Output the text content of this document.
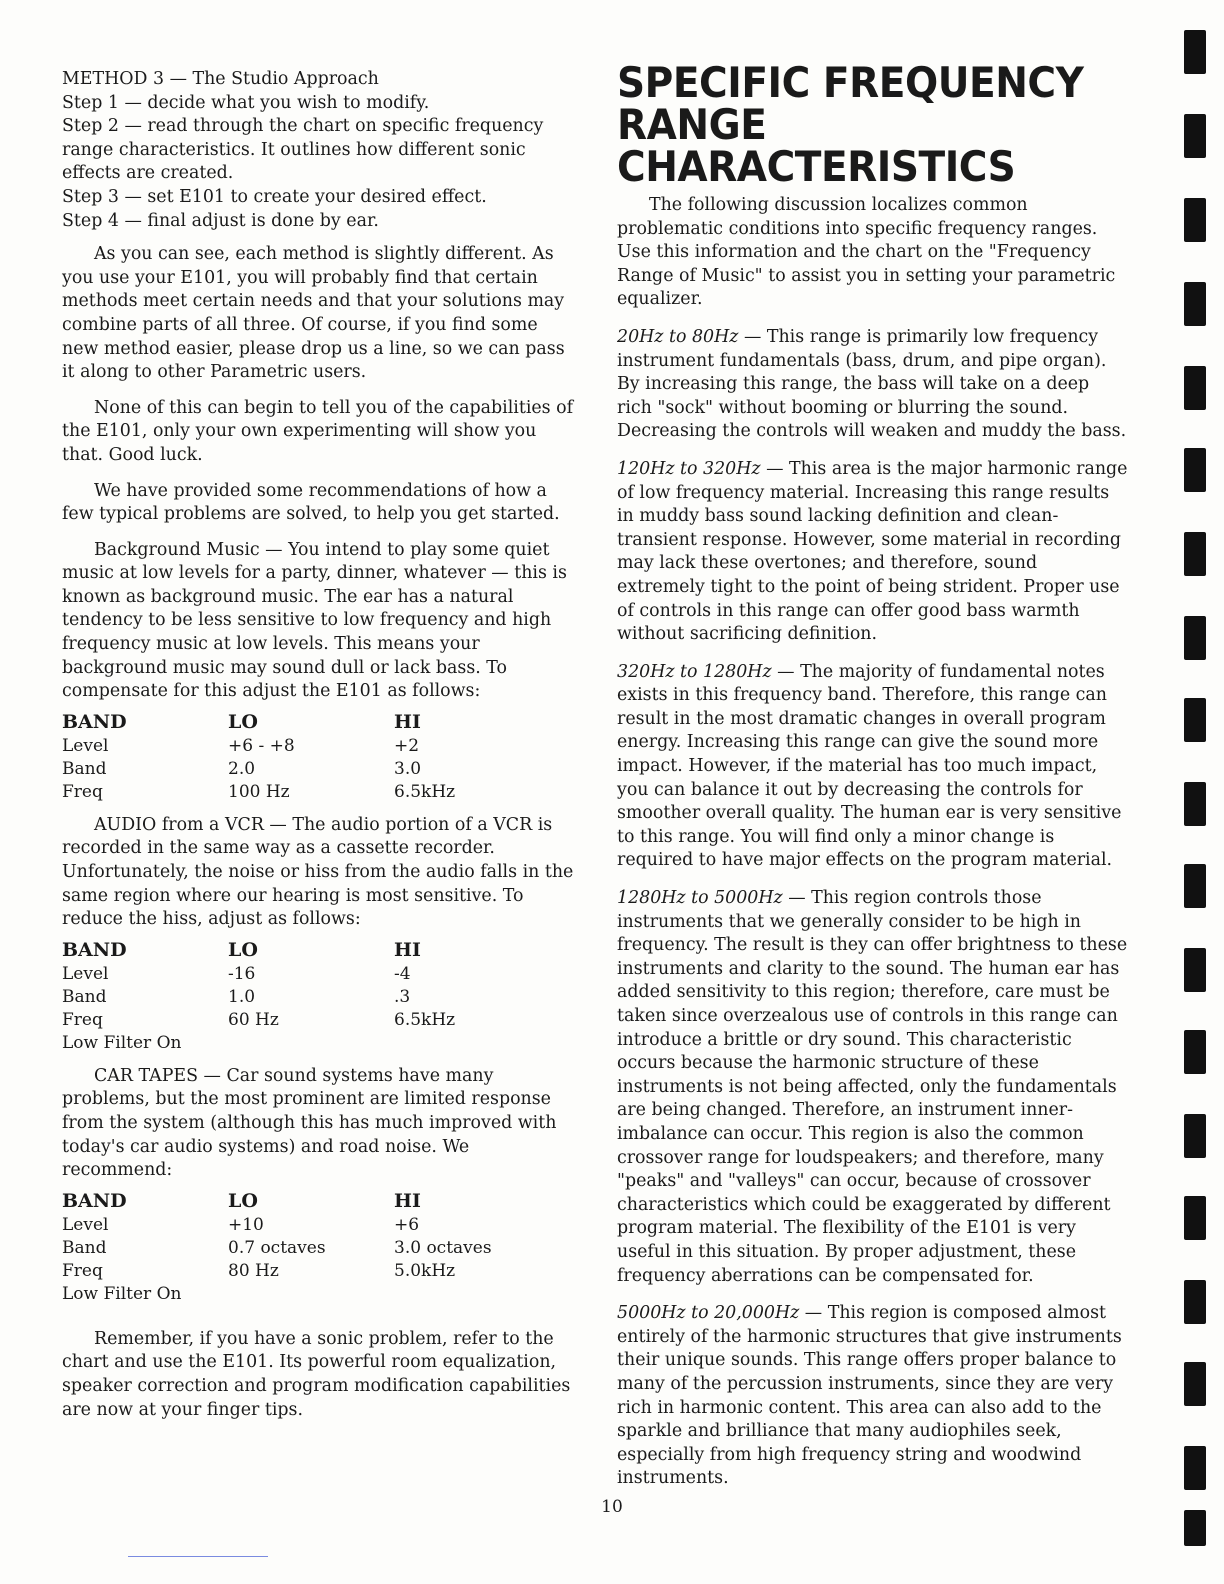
METHOD 3 — The Studio Approach

Step 1 — decide what you wish to modify.

Step 2 — read through the chart on specific frequency range characteristics. It outlines how different sonic effects are created.

Step 3 — set E101 to create your desired effect.

Step 4 — final adjust is done by ear.

As you can see, each method is slightly different. As you use your E101, you will probably find that certain methods meet certain needs and that your solutions may combine parts of all three. Of course, if you find some new method easier, please drop us a line, so we can pass it along to other Parametric users.

None of this can begin to tell you of the capabilities of the E101, only your own experimenting will show you that. Good luck.

We have provided some recommendations of how a few typical problems are solved, to help you get started.

Background Music — You intend to play some quiet music at low levels for a party, dinner, whatever — this is known as background music. The ear has a natural tendency to be less sensitive to low frequency and high frequency music at low levels. This means your background music may sound dull or lack bass. To compensate for this adjust the E101 as follows:

BAND	LO	HI
Level	+6 - +8	+2
Band	2.0	3.0
Freq	100 Hz	6.5kHz

AUDIO from a VCR — The audio portion of a VCR is recorded in the same way as a cassette recorder. Unfortunately, the noise or hiss from the audio falls in the same region where our hearing is most sensitive. To reduce the hiss, adjust as follows:

BAND	LO	HI
Level	-16	-4
Band	1.0	.3
Freq	60 Hz	6.5kHz
Low Filter On		

CAR TAPES — Car sound systems have many problems, but the most prominent are limited response from the system (although this has much improved with today's car audio systems) and road noise. We recommend:

BAND	LO	HI
Level	+10	+6
Band	0.7 octaves	3.0 octaves
Freq	80 Hz	5.0kHz
Low Filter On		

Remember, if you have a sonic problem, refer to the chart and use the E101. Its powerful room equalization, speaker correction and program modification capabilities are now at your finger tips.

SPECIFIC FREQUENCY RANGE CHARACTERISTICS

The following discussion localizes common problematic conditions into specific frequency ranges. Use this information and the chart on the "Frequency Range of Music" to assist you in setting your parametric equalizer.

20Hz to 80Hz — This range is primarily low frequency instrument fundamentals (bass, drum, and pipe organ). By increasing this range, the bass will take on a deep rich "sock" without booming or blurring the sound. Decreasing the controls will weaken and muddy the bass.

120Hz to 320Hz — This area is the major harmonic range of low frequency material. Increasing this range results in muddy bass sound lacking definition and clean-transient response. However, some material in recording may lack these overtones; and therefore, sound extremely tight to the point of being strident. Proper use of controls in this range can offer good bass warmth without sacrificing definition.

320Hz to 1280Hz — The majority of fundamental notes exists in this frequency band. Therefore, this range can result in the most dramatic changes in overall program energy. Increasing this range can give the sound more impact. However, if the material has too much impact, you can balance it out by decreasing the controls for smoother overall quality. The human ear is very sensitive to this range. You will find only a minor change is required to have major effects on the program material.

1280Hz to 5000Hz — This region controls those instruments that we generally consider to be high in frequency. The result is they can offer brightness to these instruments and clarity to the sound. The human ear has added sensitivity to this region; therefore, care must be taken since overzealous use of controls in this range can introduce a brittle or dry sound. This characteristic occurs because the harmonic structure of these instruments is not being affected, only the fundamentals are being changed. Therefore, an instrument inner-imbalance can occur. This region is also the common crossover range for loudspeakers; and therefore, many "peaks" and "valleys" can occur, because of crossover characteristics which could be exaggerated by different program material. The flexibility of the E101 is very useful in this situation. By proper adjustment, these frequency aberrations can be compensated for.

5000Hz to 20,000Hz — This region is composed almost entirely of the harmonic structures that give instruments their unique sounds. This range offers proper balance to many of the percussion instruments, since they are very rich in harmonic content. This area can also add to the sparkle and brilliance that many audiophiles seek, especially from high frequency string and woodwind instruments.

10
